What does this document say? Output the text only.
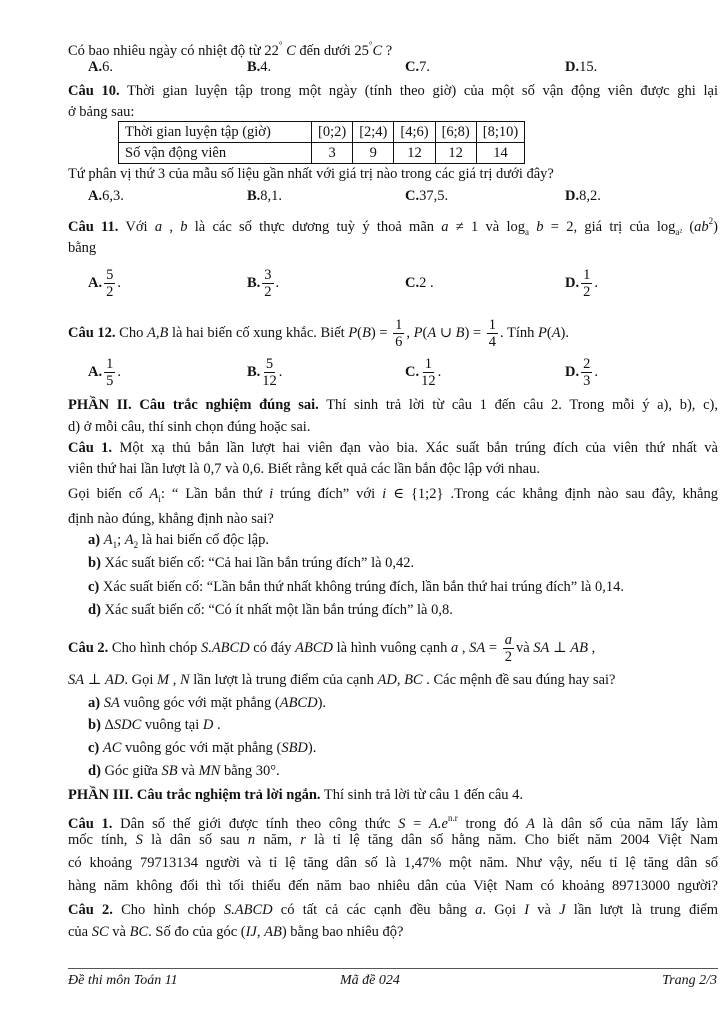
Có bao nhiêu ngày có nhiệt độ từ 22° C đến dưới 25°C ?
A. 6.	B. 4.	C. 7.	D. 15.
Câu 10. Thời gian luyện tập trong một ngày (tính theo giờ) của một số vận động viên được ghi lại
ở bảng sau:
Thời gian luyện tập (giờ)	[0;2)	[2;4)	[4;6)	[6;8)	[8;10)
Số vận động viên	3	9	12	12	14
Tứ phân vị thứ 3 của mẫu số liệu gần nhất với giá trị nào trong các giá trị dưới đây?
A. 6,3.	B. 8,1.	C. 37,5.	D. 8,2.
Câu 11. Với a , b là các số thực dương tuỳ ý thoả mãn a ≠ 1 và $\log_a b = 2$, giá trị của $\log_{a^2} (ab^2)$
bằng
A. $\frac{5}{2}$ .	B. $\frac{3}{2}$ .	C. 2 .	D. $\frac{1}{2}$ .
Câu 12. Cho A,B là hai biến cố xung khắc. Biết $P(B) = \frac{1}{6}$ , P(A ∪ $B) = \frac{1}{4}$ . Tính P(A).
A. $\frac{1}{5}$ .	B. $\frac{5}{12}$ .	C. $\frac{1}{12}$ .	D. $\frac{2}{3}$ .
PHẦN II. Câu trắc nghiệm đúng sai. Thí sinh trả lời từ câu 1 đến câu 2. Trong mỗi ý a), b), c),
d) ở mỗi câu, thí sinh chọn đúng hoặc sai.
Câu 1. Một xạ thủ bắn lần lượt hai viên đạn vào bia. Xác suất bắn trúng đích của viên thứ nhất và
viên thứ hai lần lượt là 0,7 và 0,6. Biết rằng kết quả các lần bắn độc lập với nhau.
Gọi biến cố $A_i$: “ Lần bắn thứ i trúng đích” với i ∈ {1;2} .Trong các khẳng định nào sau đây, khẳng
định nào đúng, khẳng định nào sai?
a) $A_1$; $A_2$ là hai biến cố độc lập.
b) Xác suất biến cố: “Cả hai lần bắn trúng đích” là 0,42.
c) Xác suất biến cố: “Lần bắn thứ nhất không trúng đích, lần bắn thứ hai trúng đích” là 0,14.
d) Xác suất biến cố: “Có ít nhất một lần bắn trúng đích” là 0,8.
Câu 2. Cho hình chóp S.ABCD có đáy ABCD là hình vuông cạnh a , SA = $\frac{a}{2}$ và SA ⊥ AB ,
SA ⊥ AD. Gọi M , N lần lượt là trung điểm của cạnh AD, BC . Các mệnh đề sau đúng hay sai?
a) SA vuông góc với mặt phẳng (ABCD).
b) ΔSDC vuông tại D .
c) AC vuông góc với mặt phẳng (SBD).
d) Góc giữa SB và MN bằng 30°.
PHẦN III. Câu trắc nghiệm trả lời ngắn. Thí sinh trả lời từ câu 1 đến câu 4.
Câu 1. Dân số thế giới được tính theo công thức $S = A.e^{n.r}$ trong đó A là dân số của năm lấy làm
mốc tính, S là dân số sau n năm, r là tỉ lệ tăng dân số hằng năm. Cho biết năm 2004 Việt Nam
có khoảng 79713134 người và tỉ lệ tăng dân số là 1,47% một năm. Như vậy, nếu tỉ lệ tăng dân số
hàng năm không đổi thì tối thiểu đến năm bao nhiêu dân của Việt Nam có khoảng 89713000 người?
Câu 2. Cho hình chóp S.ABCD có tất cả các cạnh đều bằng a. Gọi I và J lần lượt là trung điểm
của SC và BC. Số đo của góc (IJ, AB) bằng bao nhiêu độ?
Đề thi môn Toán 11	Mã đề 024	Trang 2/3
